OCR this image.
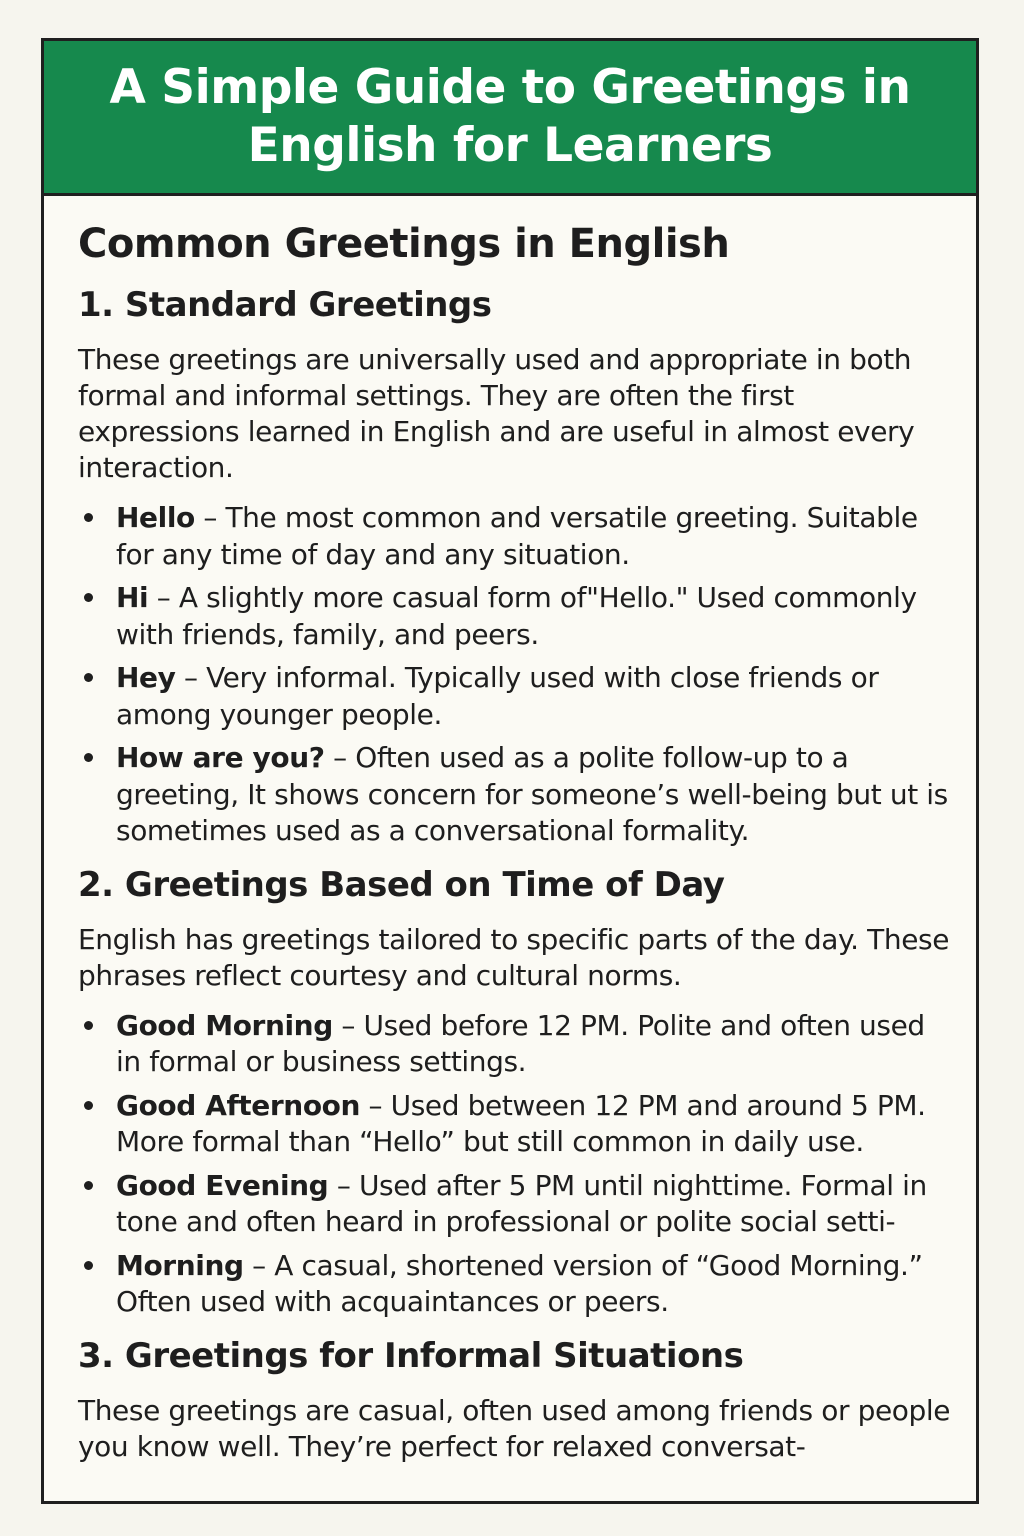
A Simple Guide to Greetings in English for Learners
Common Greetings in English
1. Standard Greetings

These greetings are universally used and appropriate in both formal and informal settings. They are often the first expressions learned in English and are useful in almost every interaction.

Hello – The most common and versatile greeting. Suitable for any time of day and any situation.
Hi – A slightly more casual form of"Hello." Used commonly with friends, family, and peers.
Hey – Very informal. Typically used with close friends or among younger people.
How are you? – Often used as a polite follow-up to a greeting, It shows concern for someone’s well-being but ut is sometimes used as a conversational formality.
2. Greetings Based on Time of Day

English has greetings tailored to specific parts of the day. These phrases reflect courtesy and cultural norms.

Good Morning – Used before 12 PM. Polite and often used in formal or business settings.
Good Afternoon – Used between 12 PM and around 5 PM. More formal than “Hello” but still common in daily use.
Good Evening – Used after 5 PM until nighttime. Formal in tone and often heard in professional or polite social setti-
Morning – A casual, shortened version of “Good Morning.” Often used with acquaintances or peers.
3. Greetings for Informal Situations

These greetings are casual, often used among friends or people you know well. They’re perfect for relaxed conversat-
